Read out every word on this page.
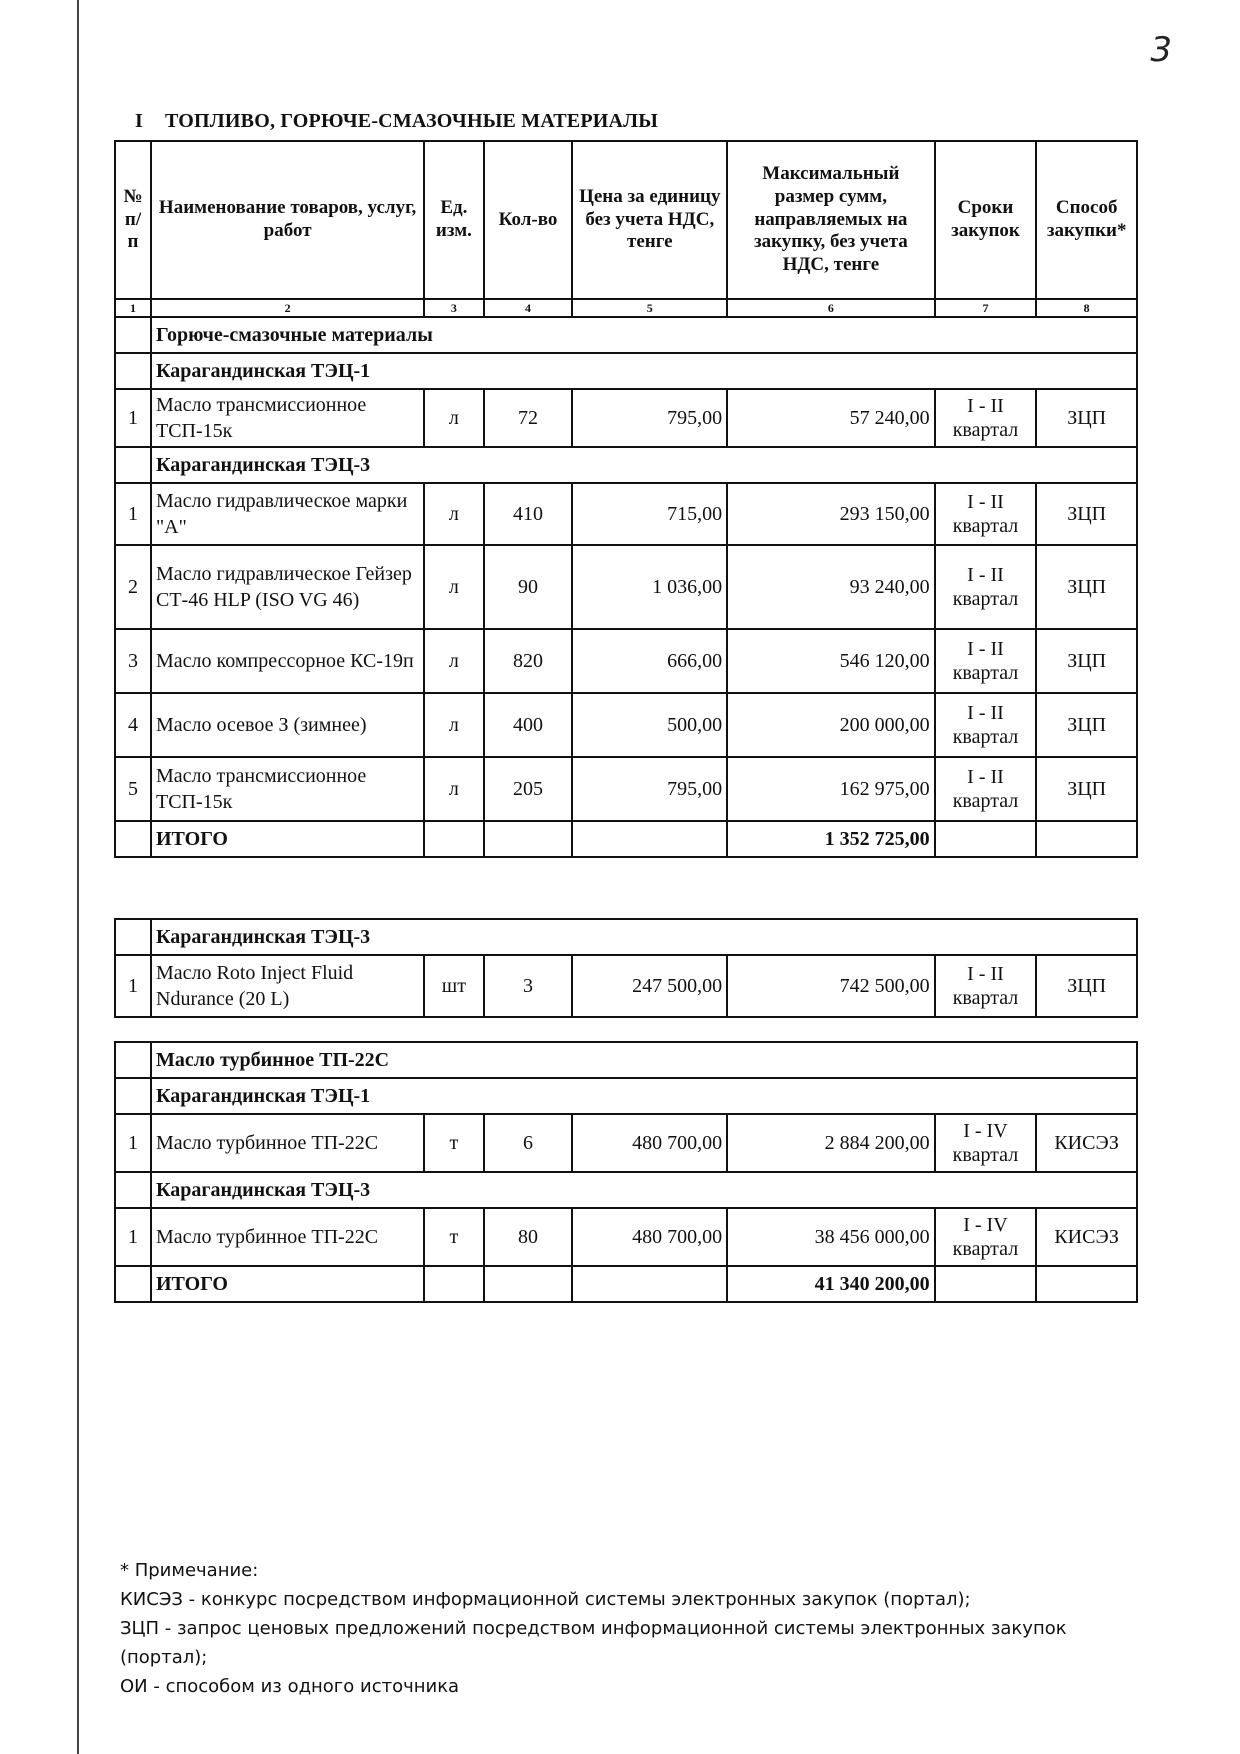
3
I ТОПЛИВО, ГОРЮЧЕ-СМАЗОЧНЫЕ МАТЕРИАЛЫ
№ п/п	Наименование товаров, услуг, работ	Ед. изм.	Кол-во	Цена за единицу без учета НДС, тенге	Максимальный размер сумм, направляемых на закупку, без учета НДС, тенге	Сроки закупок	Способ закупки*
1	2	3	4	5	6	7	8
	Горюче-смазочные материалы						
	Карагандинская ТЭЦ-1						
1	Масло трансмиссионное ТСП-15к	л	72	795,00	57 240,00	I - II квартал	ЗЦП
	Карагандинская ТЭЦ-3						
1	Масло гидравлическое марки "А"	л	410	715,00	293 150,00	I - II квартал	ЗЦП
2	Масло гидравлическое Гейзер СТ-46 HLP (ISO VG 46)	л	90	1 036,00	93 240,00	I - II квартал	ЗЦП
3	Масло компрессорное КС-19п	л	820	666,00	546 120,00	I - II квартал	ЗЦП
4	Масло осевое З (зимнее)	л	400	500,00	200 000,00	I - II квартал	ЗЦП
5	Масло трансмиссионное ТСП-15к	л	205	795,00	162 975,00	I - II квартал	ЗЦП
	ИТОГО				1 352 725,00		
	Карагандинская ТЭЦ-3						
1	Масло Roto Inject Fluid Ndurance (20 L)	шт	3	247 500,00	742 500,00	I - II квартал	ЗЦП
	Масло турбинное ТП-22С						
	Карагандинская ТЭЦ-1						
1	Масло турбинное ТП-22С	т	6	480 700,00	2 884 200,00	I - IV квартал	КИСЭЗ
	Карагандинская ТЭЦ-3						
1	Масло турбинное ТП-22С	т	80	480 700,00	38 456 000,00	I - IV квартал	КИСЭЗ
	ИТОГО				41 340 200,00		

* Примечание:

КИСЭЗ - конкурс посредством информационной системы электронных закупок (портал);

ЗЦП - запрос ценовых предложений посредством информационной системы электронных закупок (портал);

ОИ - способом из одного источника
